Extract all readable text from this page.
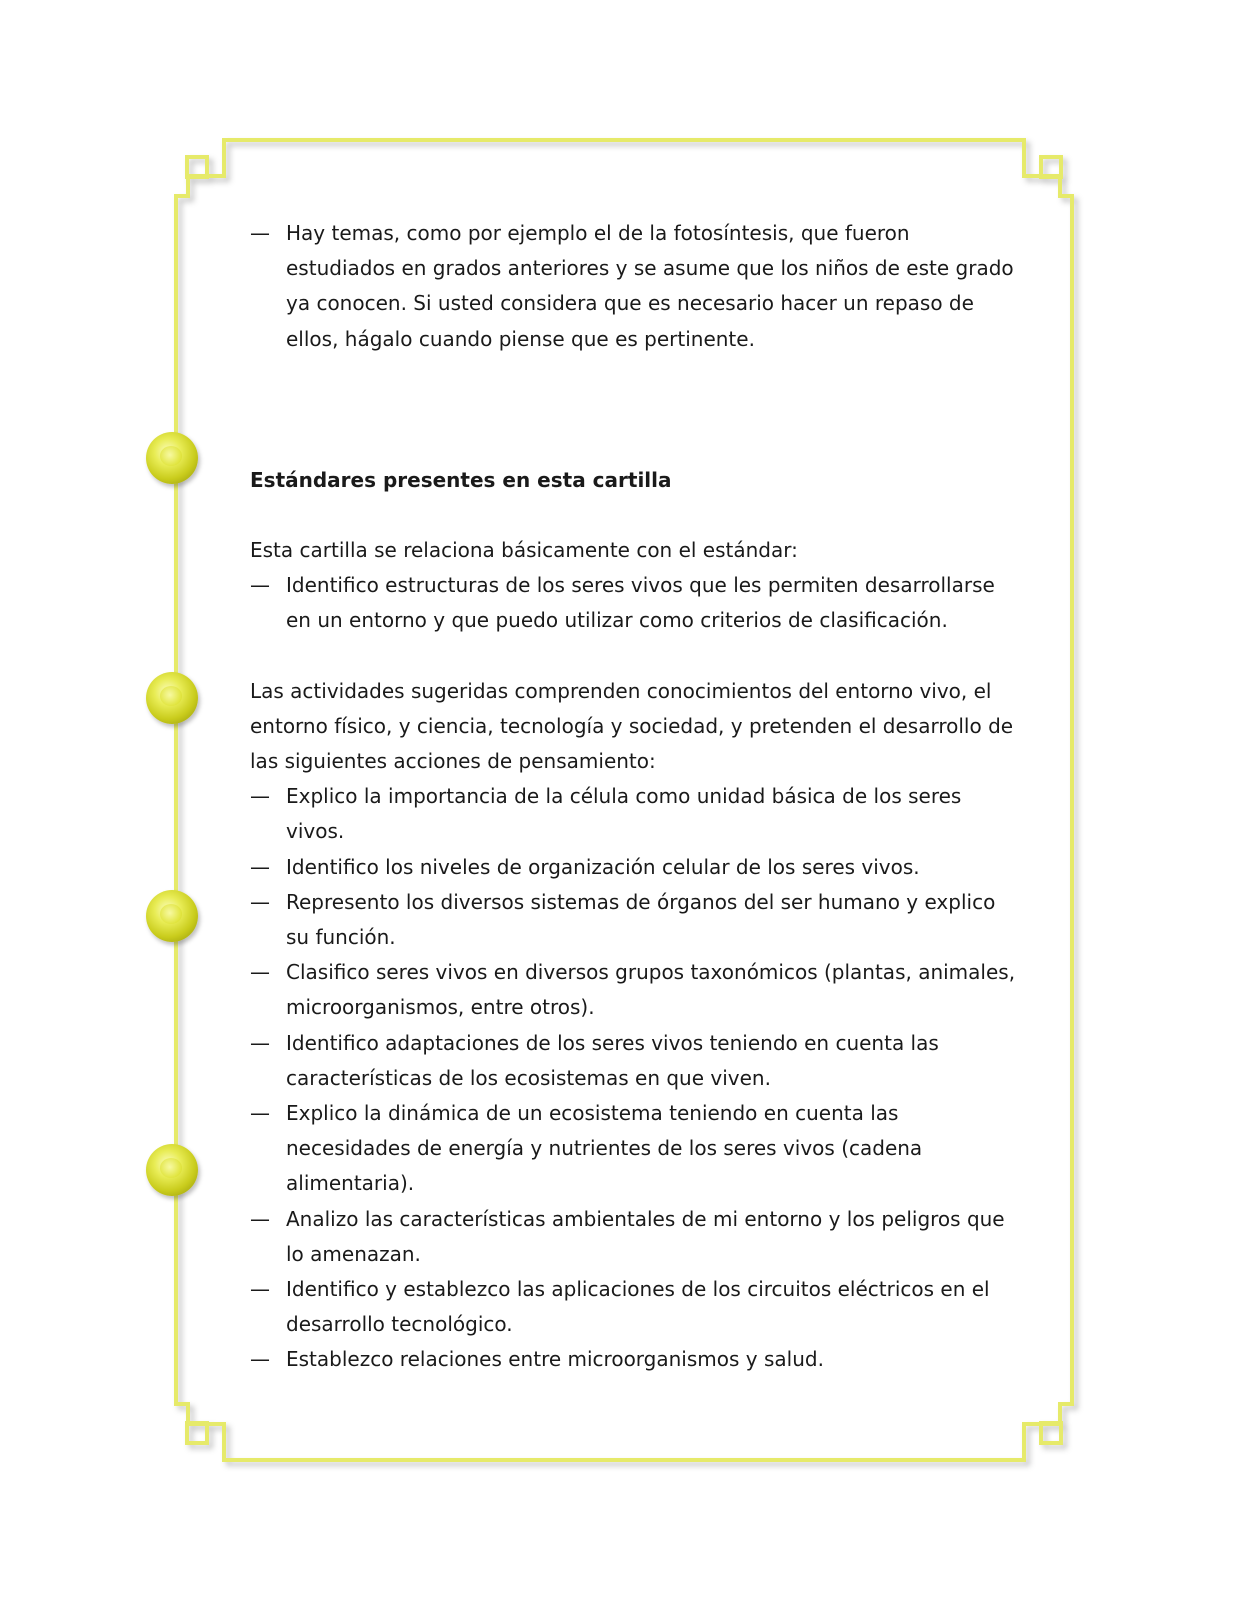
— Hay temas, como por ejemplo el de la fotosíntesis, que fueron estudiados en grados anteriores y se asume que los niños de este grado ya conocen. Si usted considera que es necesario hacer un repaso de ellos, hágalo cuando piense que es pertinente.
Estándares presentes en esta cartilla

Esta cartilla se relaciona básicamente con el estándar:

— Identifico estructuras de los seres vivos que les permiten desarrollarse en un entorno y que puedo utilizar como criterios de clasificación.

Las actividades sugeridas comprenden conocimientos del entorno vivo, el entorno físico, y ciencia, tecnología y sociedad, y pretenden el desarrollo de las siguientes acciones de pensamiento:

— Explico la importancia de la célula como unidad básica de los seres vivos.
— Identifico los niveles de organización celular de los seres vivos.
— Represento los diversos sistemas de órganos del ser humano y explico su función.
— Clasifico seres vivos en diversos grupos taxonómicos (plantas, animales, microorganismos, entre otros).
— Identifico adaptaciones de los seres vivos teniendo en cuenta las características de los ecosistemas en que viven.
— Explico la dinámica de un ecosistema teniendo en cuenta las necesidades de energía y nutrientes de los seres vivos (cadena alimentaria).
— Analizo las características ambientales de mi entorno y los peligros que lo amenazan.
— Identifico y establezco las aplicaciones de los circuitos eléctricos en el desarrollo tecnológico.
— Establezco relaciones entre microorganismos y salud.
